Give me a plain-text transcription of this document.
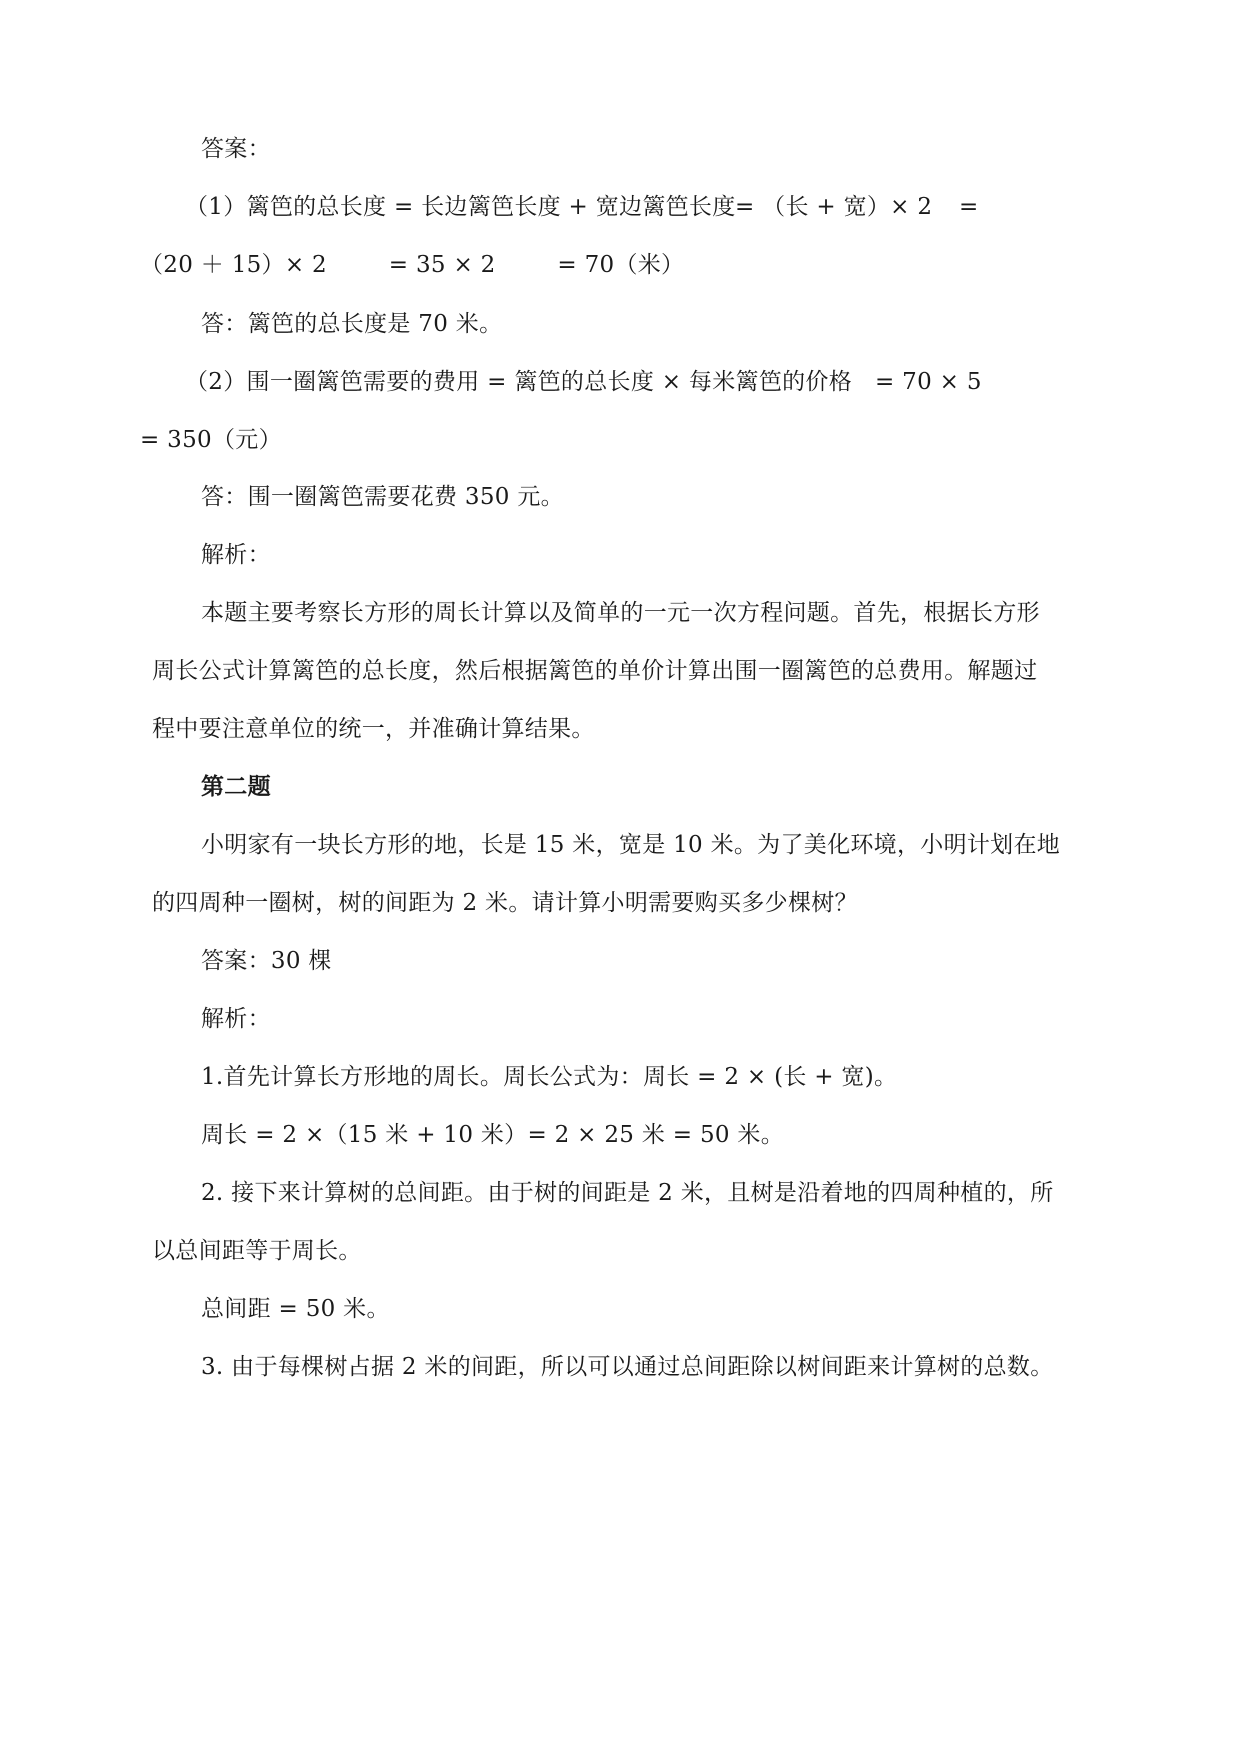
答案：
（1）篱笆的总长度 = 长边篱笆长度 + 宽边篱笆长度 = （长 + 宽）× 2 =
（20 ＋ 15）× 2 　　 = 35 × 2 　　 = 70（米）
答：篱笆的总长度是 70 米。
（2）围一圈篱笆需要的费用 = 篱笆的总长度 × 每米篱笆的价格 = 70 × 5
= 350（元）
答：围一圈篱笆需要花费 350 元。
解析：
本题主要考察长方形的周长计算以及简单的一元一次方程问题。首先，根据长方形
周长公式计算篱笆的总长度，然后根据篱笆的单价计算出围一圈篱笆的总费用。解题过
程中要注意单位的统一，并准确计算结果。
第二题
小明家有一块长方形的地，长是 15 米，宽是 10 米。为了美化环境，小明计划在地
的四周种一圈树，树的间距为 2 米。请计算小明需要购买多少棵树？
答案：30 棵
解析：
1.首先计算长方形地的周长。周长公式为：周长 = 2 × (长 + 宽)。
周长 = 2 ×（15 米 + 10 米）= 2 × 25 米 = 50 米。
2. 接下来计算树的总间距。由于树的间距是 2 米，且树是沿着地的四周种植的，所
以总间距等于周长。
总间距 = 50 米。
3. 由于每棵树占据 2 米的间距，所以可以通过总间距除以树间距来计算树的总数。
